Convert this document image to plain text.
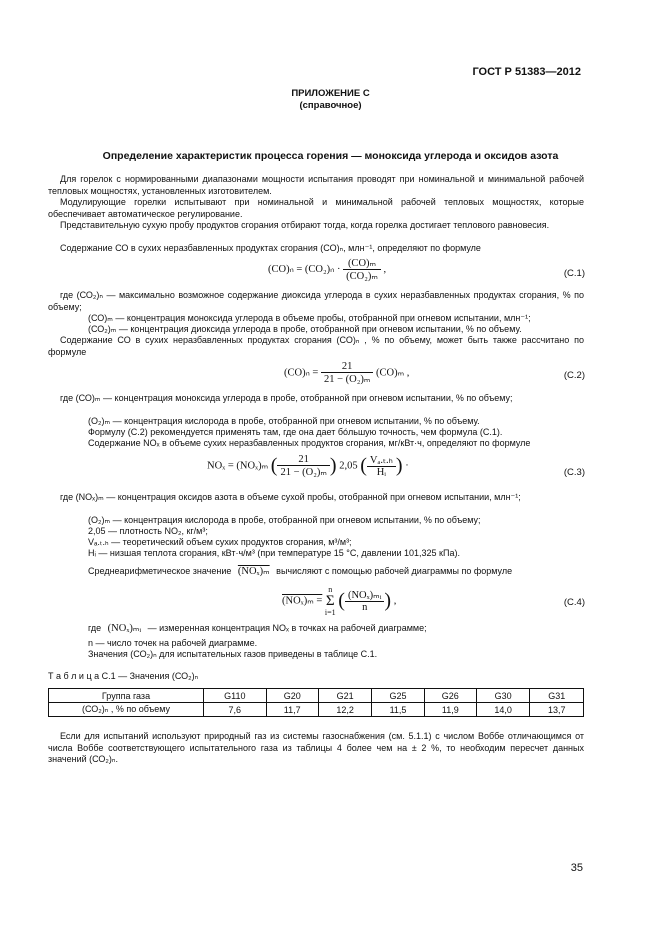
ГОСТ Р 51383—2012
ПРИЛОЖЕНИЕ С
(справочное)
Определение характеристик процесса горения — моноксида углерода и оксидов азота
Для горелок с нормированными диапазонами мощности испытания проводят при номинальной и минимальной рабочей тепловых мощностях, установленных изготовителем.
Модулирующие горелки испытывают при номинальной и минимальной рабочей тепловых мощностях, которые обеспечивает автоматическое регулирование.
Представительную сухую пробу продуктов сгорания отбирают тогда, когда горелка достигает теплового равновесия.
Содержание СО в сухих неразбавленных продуктах сгорания (СО)ₙ, млн⁻¹, определяют по формуле
$(CO)_n = (CO_2)_n \cdot \frac{\text{(CO)ₘ}}{\text{(CO₂)ₘ}}$ ,	(С.1)
где (СО₂)ₙ — максимально возможное содержание диоксида углерода в сухих неразбавленных продуктах сгорания, % по объему;
(СО)ₘ — концентрация моноксида углерода в объеме пробы, отобранной при огневом испытании, млн⁻¹;
(СО₂)ₘ — концентрация диоксида углерода в пробе, отобранной при огневом испытании, % по объему.
Содержание СО в сухих неразбавленных продуктах сгорания (СО)ₙ , % по объему, может быть также рассчитано по формуле
$(CO)_n = \frac{21}{\text{21 − (O₂)ₘ}} (CO)_m$ ,	(С.2)
где (СО)ₘ — концентрация моноксида углерода в пробе, отобранной при огневом испытании, % по объему;
(O₂)ₘ — концентрация кислорода в пробе, отобранной при огневом испытании, % по объему.
Формулу (С.2) рекомендуется применять там, где она дает бóльшую точность, чем формула (С.1).
Содержание NOₓ в объеме сухих неразбавленных продуктов сгорания, мг/кВт·ч, определяют по формуле
NOₓ = (NOₓ)ₘ ( $\frac{21}{\text{21 − (O₂)ₘ}}$ ) 2,05 ( $\frac{\text{Vₐ.ₜ.ₕ}}{\text{Hᵢ}}$ ) ·
(С.3)
где (NOₓ)ₘ — концентрация оксидов азота в объеме сухой пробы, отобранной при огневом испытании, млн⁻¹;
(O₂)ₘ — концентрация кислорода в пробе, отобранной при огневом испытании, % по объему;
2,05 — плотность NO₂, кг/м³;
Vₐ.ₜ.ₕ — теоретический объем сухих продуктов сгорания, м³/м³;
Hᵢ — низшая теплота сгорания, кВт·ч/м³ (при температуре 15 °С, давлении 101,325 кПа).
Среднеарифметическое значение (NOₓ)ₘ вычисляют с помощью рабочей диаграммы по формуле
(NOₓ)ₘ =
n
Σ
i=1
( $\frac{\text{(NOₓ)ₘᵢ}}{n}$ ) ,	(С.4)
где (NOₓ)ₘᵢ — измеренная концентрация NOₓ в точках на рабочей диаграмме;
n — число точек на рабочей диаграмме.
Значения (СО₂)ₙ для испытательных газов приведены в таблице С.1.
Т а б л и ц а С.1 — Значения (СО₂)ₙ
Группа газа	G110	G20	G21	G25	G26	G30	G31
(СО₂)ₙ , % по объему	7,6	11,7	12,2	11,5	11,9	14,0	13,7
Если для испытаний используют природный газ из системы газоснабжения (см. 5.1.1) с числом Воббе отличающимся от числа Воббе соответствующего испытательного газа из таблицы 4 более чем на ± 2 %, то необходим пересчет данных значений (СО₂)ₙ.
35
